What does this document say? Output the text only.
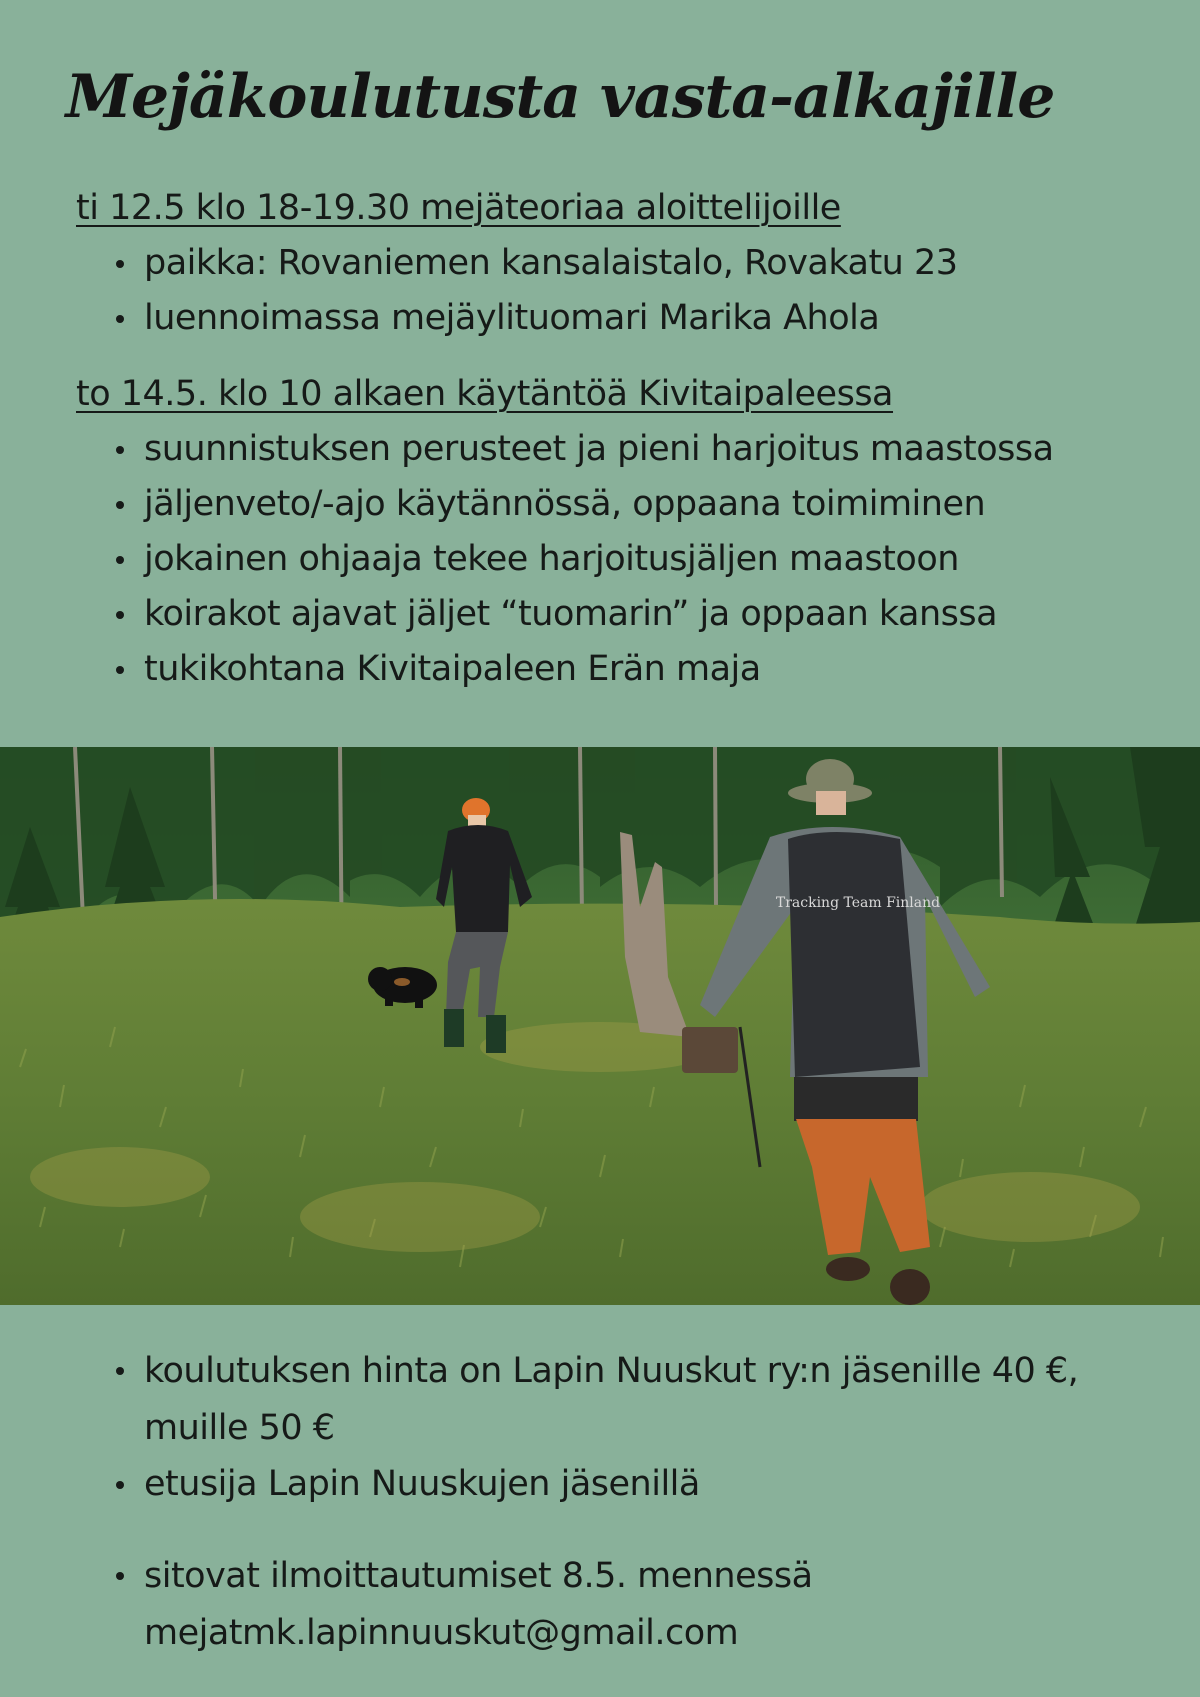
Mejäkoulutusta vasta-alkajille

ti 12.5 klo 18-19.30 mejäteoriaa aloittelijoille

paikka: Rovaniemen kansalaistalo, Rovakatu 23
luennoimassa mejäylituomari Marika Ahola

to 14.5. klo 10 alkaen käytäntöä Kivitaipaleessa

suunnistuksen perusteet ja pieni harjoitus maastossa
jäljenveto/-ajo käytännössä, oppaana toimiminen
jokainen ohjaaja tekee harjoitusjäljen maastoon
koirakot ajavat jäljet “tuomarin” ja oppaan kanssa
tukikohtana Kivitaipaleen Erän maja
Tracking Team Finland
koulutuksen hinta on Lapin Nuuskut ry:n jäsenille 40 €, muille 50 €
etusija Lapin Nuuskujen jäsenillä
sitovat ilmoittautumiset 8.5. mennessä mejatmk.lapinnuuskut@gmail.com
